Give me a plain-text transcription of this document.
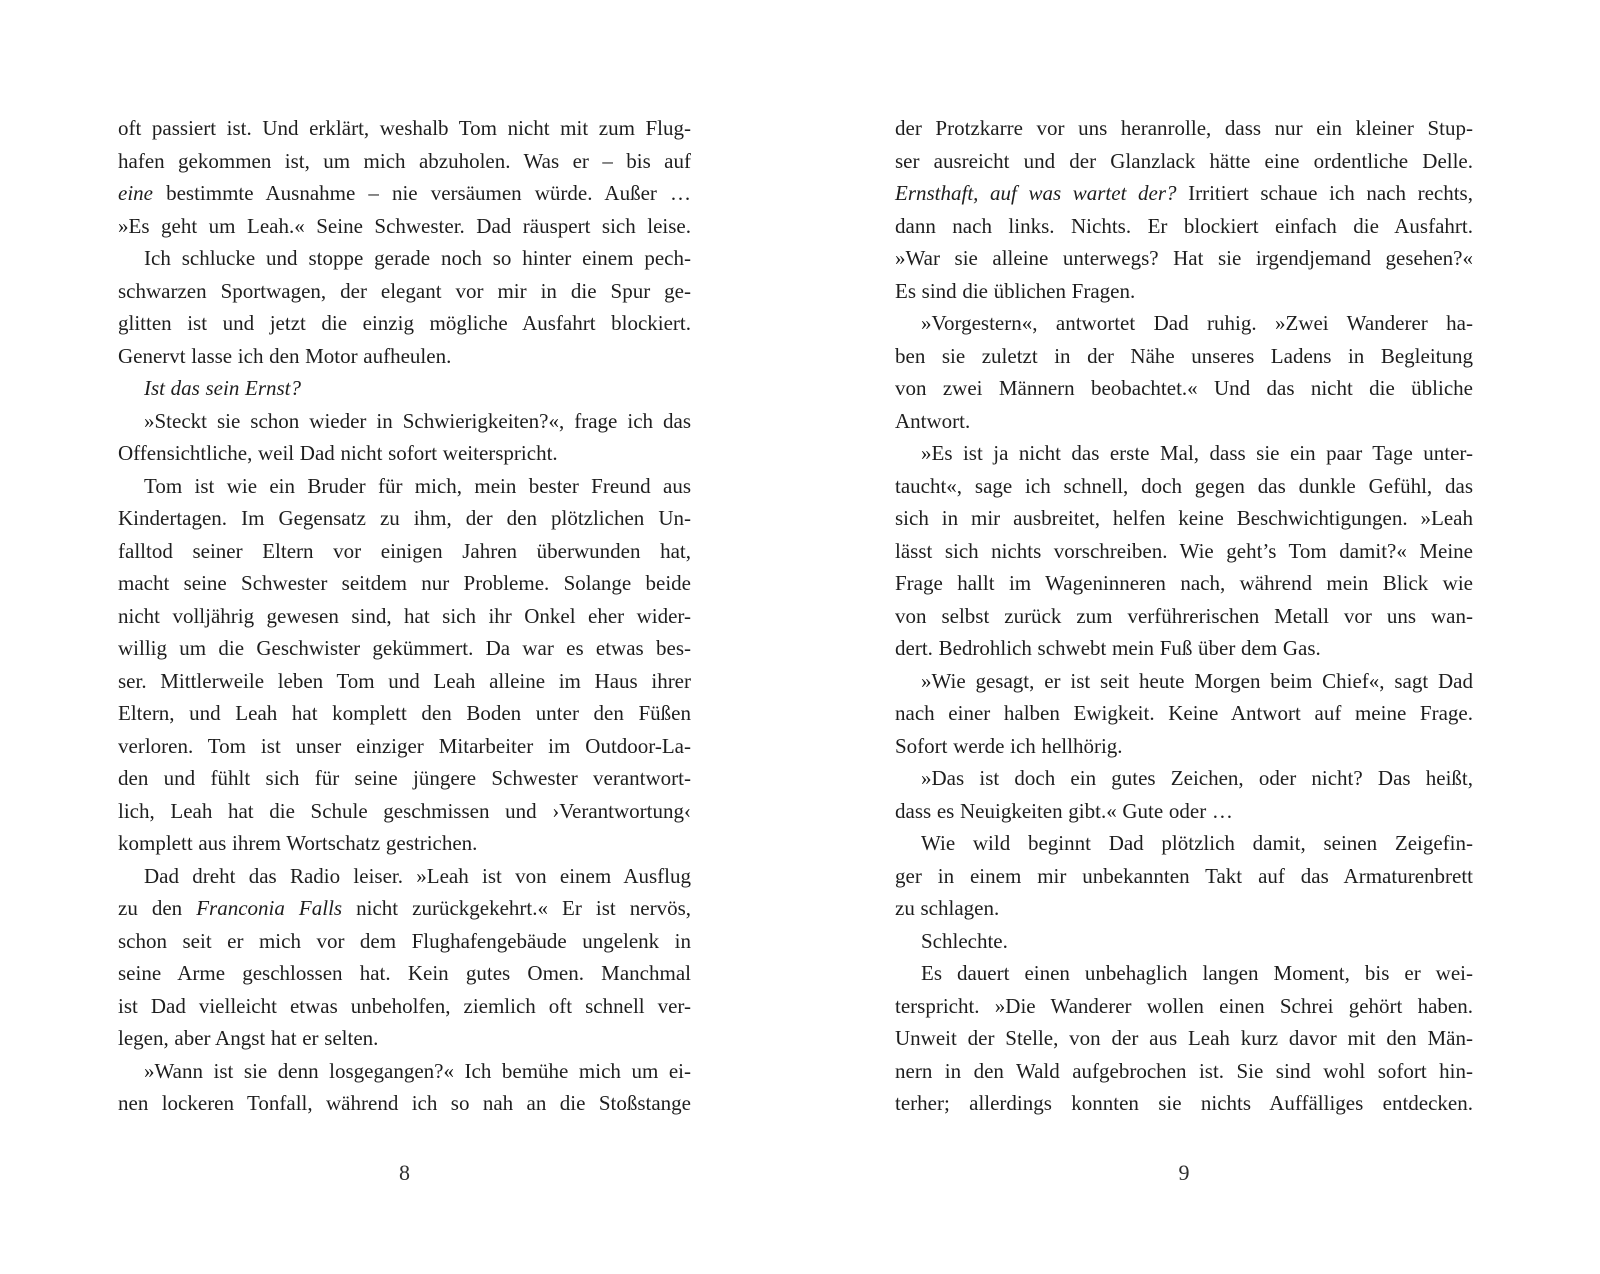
oft passiert ist. Und erklärt, weshalb Tom nicht mit zum Flug-
hafen gekommen ist, um mich abzuholen. Was er – bis auf
eine bestimmte Ausnahme – nie versäumen würde. Außer …
»Es geht um Leah.« Seine Schwester. Dad räuspert sich leise.
Ich schlucke und stoppe gerade noch so hinter einem pech-
schwarzen Sportwagen, der elegant vor mir in die Spur ge-
glitten ist und jetzt die einzig mögliche Ausfahrt blockiert.
Genervt lasse ich den Motor aufheulen.
Ist das sein Ernst?
»Steckt sie schon wieder in Schwierigkeiten?«, frage ich das
Offensichtliche, weil Dad nicht sofort weiterspricht.
Tom ist wie ein Bruder für mich, mein bester Freund aus
Kindertagen. Im Gegensatz zu ihm, der den plötzlichen Un-
falltod seiner Eltern vor einigen Jahren überwunden hat,
macht seine Schwester seitdem nur Probleme. Solange beide
nicht volljährig gewesen sind, hat sich ihr Onkel eher wider-
willig um die Geschwister gekümmert. Da war es etwas bes-
ser. Mittlerweile leben Tom und Leah alleine im Haus ihrer
Eltern, und Leah hat komplett den Boden unter den Füßen
verloren. Tom ist unser einziger Mitarbeiter im Outdoor-La-
den und fühlt sich für seine jüngere Schwester verantwort-
lich, Leah hat die Schule geschmissen und ›Verantwortung‹
komplett aus ihrem Wortschatz gestrichen.
Dad dreht das Radio leiser. »Leah ist von einem Ausflug
zu den Franconia Falls nicht zurückgekehrt.« Er ist nervös,
schon seit er mich vor dem Flughafengebäude ungelenk in
seine Arme geschlossen hat. Kein gutes Omen. Manchmal
ist Dad vielleicht etwas unbeholfen, ziemlich oft schnell ver-
legen, aber Angst hat er selten.
»Wann ist sie denn losgegangen?« Ich bemühe mich um ei-
nen lockeren Tonfall, während ich so nah an die Stoßstange
8
der Protzkarre vor uns heranrolle, dass nur ein kleiner Stup-
ser ausreicht und der Glanzlack hätte eine ordentliche Delle.
Ernsthaft, auf was wartet der? Irritiert schaue ich nach rechts,
dann nach links. Nichts. Er blockiert einfach die Ausfahrt.
»War sie alleine unterwegs? Hat sie irgendjemand gesehen?«
Es sind die üblichen Fragen.
»Vorgestern«, antwortet Dad ruhig. »Zwei Wanderer ha-
ben sie zuletzt in der Nähe unseres Ladens in Begleitung
von zwei Männern beobachtet.« Und das nicht die übliche
Antwort.
»Es ist ja nicht das erste Mal, dass sie ein paar Tage unter-
taucht«, sage ich schnell, doch gegen das dunkle Gefühl, das
sich in mir ausbreitet, helfen keine Beschwichtigungen. »Leah
lässt sich nichts vorschreiben. Wie geht’s Tom damit?« Meine
Frage hallt im Wageninneren nach, während mein Blick wie
von selbst zurück zum verführerischen Metall vor uns wan-
dert. Bedrohlich schwebt mein Fuß über dem Gas.
»Wie gesagt, er ist seit heute Morgen beim Chief«, sagt Dad
nach einer halben Ewigkeit. Keine Antwort auf meine Frage.
Sofort werde ich hellhörig.
»Das ist doch ein gutes Zeichen, oder nicht? Das heißt,
dass es Neuigkeiten gibt.« Gute oder …
Wie wild beginnt Dad plötzlich damit, seinen Zeigefin-
ger in einem mir unbekannten Takt auf das Armaturenbrett
zu schlagen.
Schlechte.
Es dauert einen unbehaglich langen Moment, bis er wei-
terspricht. »Die Wanderer wollen einen Schrei gehört haben.
Unweit der Stelle, von der aus Leah kurz davor mit den Män-
nern in den Wald aufgebrochen ist. Sie sind wohl sofort hin-
terher; allerdings konnten sie nichts Auffälliges entdecken.
9
